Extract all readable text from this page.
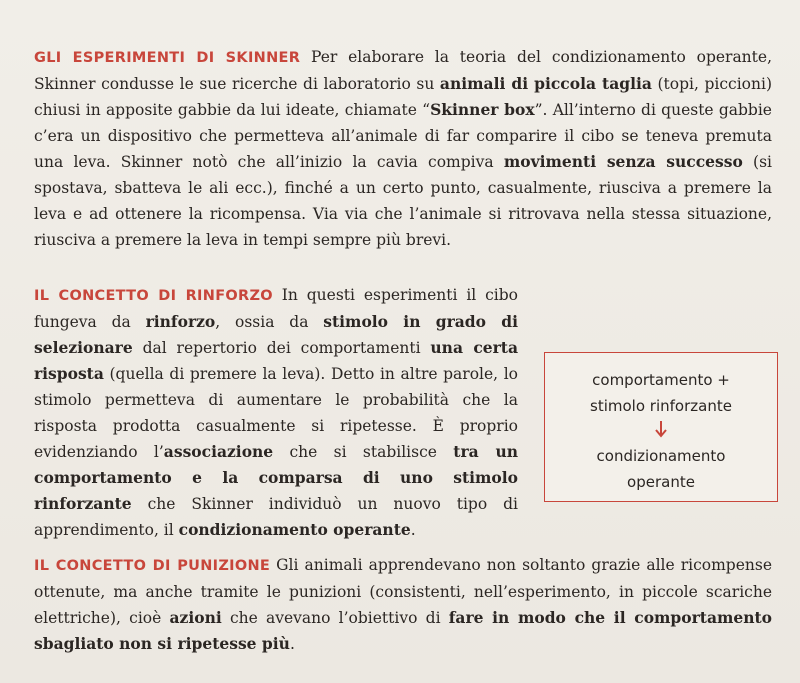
GLI ESPERIMENTI DI SKINNER Per elaborare la teoria del condizionamento operante, Skinner condusse le sue ricerche di laboratorio su animali di piccola taglia (topi, piccioni) chiusi in apposite gabbie da lui ideate, chiamate “Skinner box”. All’interno di queste gabbie c’era un dispositivo che permetteva all’animale di far comparire il cibo se teneva premuta una leva. Skinner notò che all’inizio la cavia compiva movimenti senza successo (si spostava, sbatteva le ali ecc.), finché a un certo punto, casualmente, riusciva a premere la leva e ad ottenere la ricompensa. Via via che l’animale si ritrovava nella stessa situazione, riusciva a premere la leva in tempi sempre più brevi.
IL CONCETTO DI RINFORZO In questi esperimenti il cibo fungeva da rinforzo, ossia da stimolo in grado di selezionare dal repertorio dei comportamenti una certa risposta (quella di premere la leva). Detto in altre parole, lo stimolo permetteva di aumentare le probabilità che la risposta prodotta casualmente si ripetesse. È proprio evidenziando l’associazione che si stabilisce tra un comportamento e la comparsa di uno stimolo rinforzante che Skinner individuò un nuovo tipo di apprendimento, il condizionamento operante.
comportamento +
stimolo rinforzante
condizionamento
operante
IL CONCETTO DI PUNIZIONE Gli animali apprendevano non soltanto grazie alle ricompense ottenute, ma anche tramite le punizioni (consistenti, nell’esperimento, in piccole scariche elettriche), cioè azioni che avevano l’obiettivo di fare in modo che il comportamento sbagliato non si ripetesse più.
